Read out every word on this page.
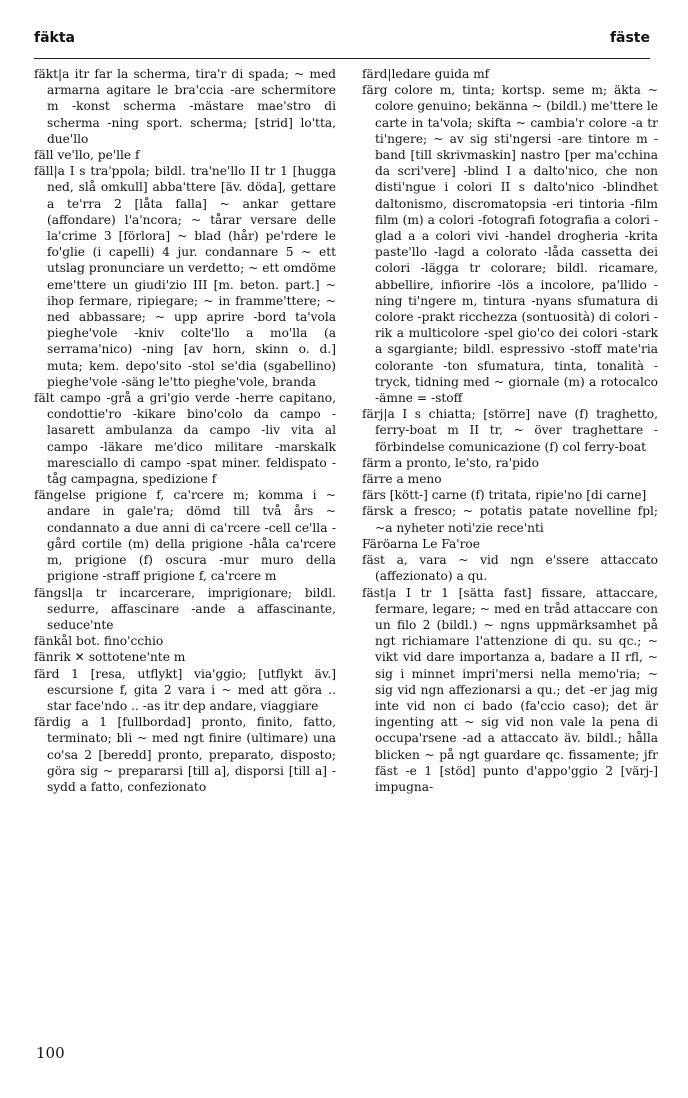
fäkta	fäste

fäkt|a itr far la scherma, tira'r di spada; ~ med armarna agitare le bra'ccia -are schermitore m -konst scherma -mästare mae'stro di scherma -ning sport. scherma; [strid] lo'tta, due'llo

fäll ve'llo, pe'lle f

fäll|a I s tra'ppola; bildl. tra'ne'llo II tr 1 [hugga ned, slå omkull] abba'ttere [äv. döda], gettare a te'rra 2 [låta falla] ~ ankar gettare (affondare) l'a'ncora; ~ tårar versare delle la'crime 3 [förlora] ~ blad (hår) pe'rdere le fo'glie (i capelli) 4 jur. condannare 5 ~ ett utslag pronunciare un verdetto; ~ ett omdöme eme'ttere un giudi'zio III [m. beton. part.] ~ ihop fermare, ripiegare; ~ in framme'ttere; ~ ned abbassare; ~ upp aprire -bord ta'vola pieghe'vole -kniv colte'llo a mo'lla (a serrama'nico) -ning [av horn, skinn o. d.] muta; kem. depo'sito -stol se'dia (sgabellino) pieghe'vole -säng le'tto pieghe'vole, branda

fält campo -grå a gri'gio verde -herre capitano, condottie'ro -kikare bino'colo da campo -lasarett ambulanza da campo -liv vita al campo -läkare me'dico militare -marskalk maresciallo di campo -spat miner. feldispato -tåg campagna, spedizione f

fängelse prigione f, ca'rcere m; komma i ~ andare in gale'ra; dömd till två års ~ condannato a due anni di ca'rcere -cell ce'lla -gård cortile (m) della prigione -håla ca'rcere m, prigione (f) oscura -mur muro della prigione -straff prigione f, ca'rcere m

fängsl|a tr incarcerare, imprigionare; bildl. sedurre, affascinare -ande a affascinante, seduce'nte

fänkål bot. fino'cchio

fänrik ✕ sottotene'nte m

färd 1 [resa, utflykt] via'ggio; [utflykt äv.] escursione f, gita 2 vara i ~ med att göra .. star face'ndo .. -as itr dep andare, viaggiare

färdig a 1 [fullbordad] pronto, finito, fatto, terminato; bli ~ med ngt finire (ultimare) una co'sa 2 [beredd] pronto, preparato, disposto; göra sig ~ prepararsi [till a], disporsi [till a] -sydd a fatto, confezionato

färd|ledare guida mf

färg colore m, tinta; kortsp. seme m; äkta ~ colore genuino; bekänna ~ (bildl.) me'ttere le carte in ta'vola; skifta ~ cambia'r colore -a tr ti'ngere; ~ av sig sti'ngersi -are tintore m -band [till skrivmaskin] nastro [per ma'cchina da scri'vere] -blind I a dalto'nico, che non disti'ngue i colori II s dalto'nico -blindhet daltonismo, discromatopsia -eri tintoria -film film (m) a colori -fotografi fotografia a colori -glad a a colori vivi -handel drogheria -krita paste'llo -lagd a colorato -låda cassetta dei colori -lägga tr colorare; bildl. ricamare, abbellire, infiorire -lös a incolore, pa'llido -ning ti'ngere m, tintura -nyans sfumatura di colore -prakt ricchezza (sontuosità) di colori -rik a multicolore -spel gio'co dei colori -stark a sgargiante; bildl. espressivo -stoff mate'ria colorante -ton sfumatura, tinta, tonalità -tryck, tidning med ~ giornale (m) a rotocalco -ämne = -stoff

färj|a I s chiatta; [större] nave (f) traghetto, ferry-boat m II tr, ~ över traghettare -förbindelse comunicazione (f) col ferry-boat

färm a pronto, le'sto, ra'pido

färre a meno

färs [kött-] carne (f) tritata, ripie'no [di carne]

färsk a fresco; ~ potatis patate novelline fpl; ~a nyheter noti'zie rece'nti

Färöarna Le Fa'roe

fäst a, vara ~ vid ngn e'ssere attaccato (affezionato) a qu.

fäst|a I tr 1 [sätta fast] fissare, attaccare, fermare, legare; ~ med en tråd attaccare con un filo 2 (bildl.) ~ ngns uppmärksamhet på ngt richiamare l'attenzione di qu. su qc.; ~ vikt vid dare importanza a, badare a II rfl, ~ sig i minnet impri'mersi nella memo'ria; ~ sig vid ngn affezionarsi a qu.; det -er jag mig inte vid non ci bado (fa'ccio caso); det är ingenting att ~ sig vid non vale la pena di occupa'rsene -ad a attaccato äv. bildl.; hålla blicken ~ på ngt guardare qc. fissamente; jfr fäst -e 1 [stöd] punto d'appo'ggio 2 [värj-] impugna-

100
